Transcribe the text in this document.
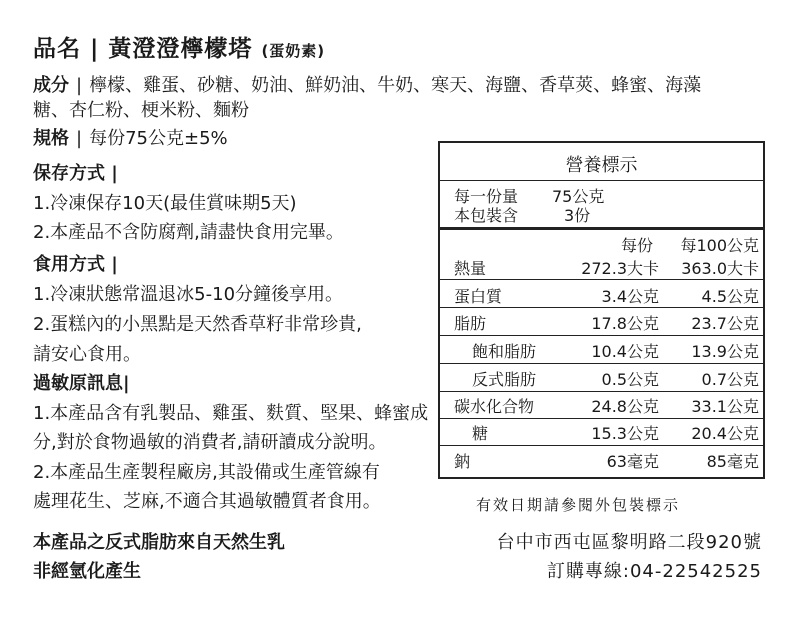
品名 | 黃澄澄檸檬塔 (蛋奶素)
成分 | 檸檬、雞蛋、砂糖、奶油、鮮奶油、牛奶、寒天、海鹽、香草莢、蜂蜜、海藻
糖、杏仁粉、梗米粉、麵粉
規格 | 每份75公克±5%
保存方式 |
1.冷凍保存10天(最佳賞味期5天)
2.本產品不含防腐劑,請盡快食用完畢。
食用方式 |
1.冷凍狀態常溫退冰5-10分鐘後享用。
2.蛋糕內的小黑點是天然香草籽非常珍貴,
請安心食用。
過敏原訊息|
1.本產品含有乳製品、雞蛋、麩質、堅果、蜂蜜成
分,對於食物過敏的消費者,請研讀成分說明。
2.本產品生產製程廠房,其設備或生產管線有
處理花生、芝麻,不適合其過敏體質者食用。
營養標示
每一份量 75公克
本包裝含	3份
每份 每100公克
熱量	272.3大卡 363.0大卡
蛋白質	3.4公克	4.5公克
脂肪	17.8公克 23.7公克
飽和脂肪	10.4公克 13.9公克
反式脂肪	0.5公克	0.7公克
碳水化合物	24.8公克 33.1公克
糖	15.3公克 20.4公克
鈉	63毫克	85毫克
有效日期請參閱外包裝標示
台中市西屯區黎明路二段920號
訂購專線:04-22542525
本產品之反式脂肪來自天然生乳
非經氫化產生
